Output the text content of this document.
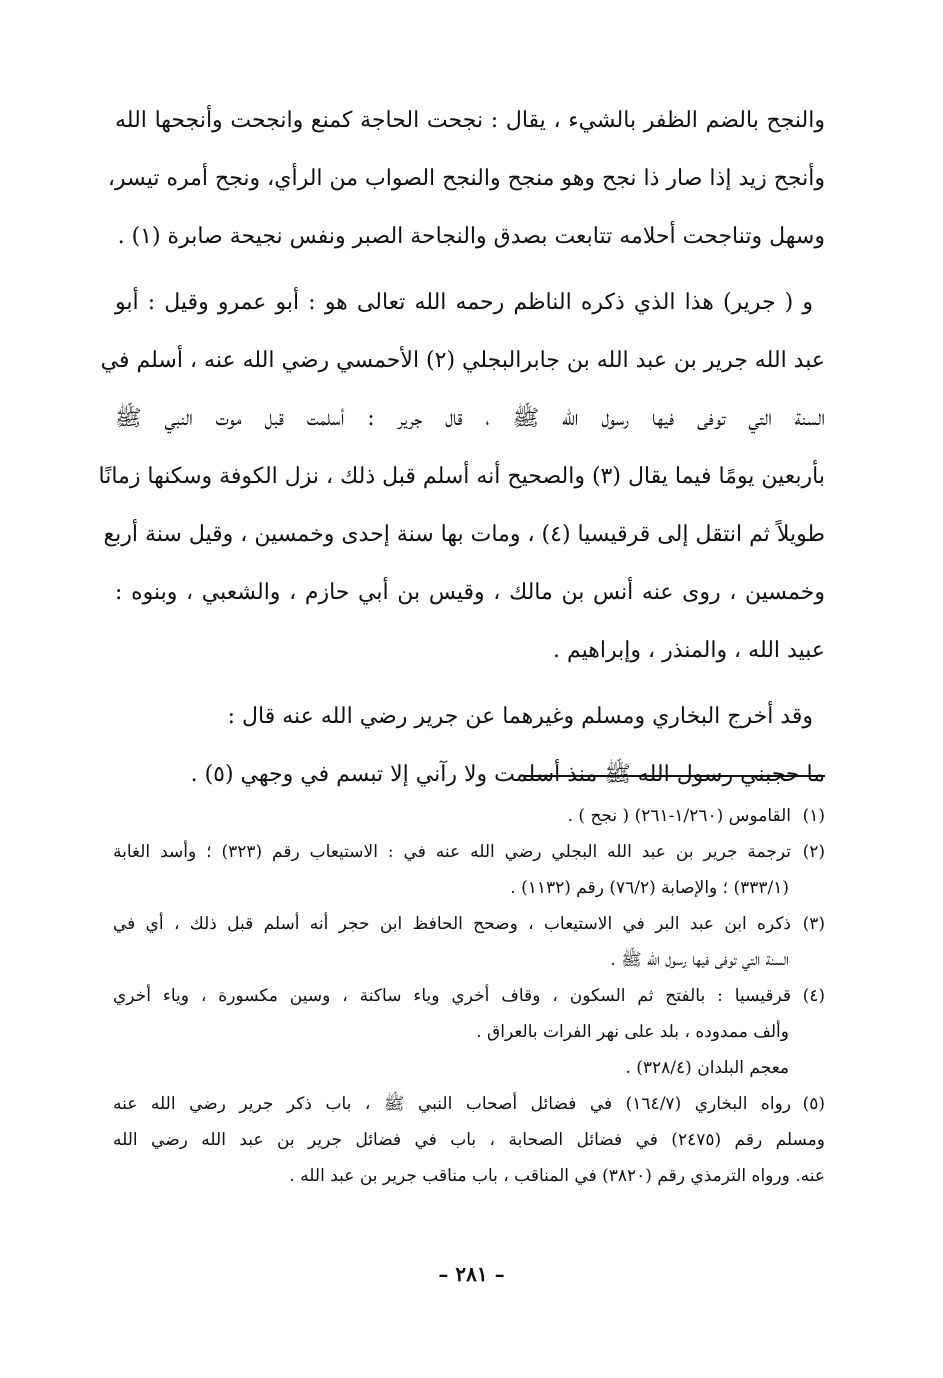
والنجح بالضم الظفر بالشيء ، يقال : نجحت الحاجة كمنع وانجحت وأنجحها الله
وأنجح زيد إذا صار ذا نجح وهو منجح والنجح الصواب من الرأي، ونجح أمره تيسر،
وسهل وتناجحت أحلامه تتابعت بصدق والنجاحة الصبر ونفس نجيحة صابرة (١) .
و ( جرير) هذا الذي ذكره الناظم رحمه الله تعالى هو : أبو عمرو وقيل : أبو
عبد الله جرير بن عبد الله بن جابرالبجلي (٢) الأحمسي رضي الله عنه ، أسلم في
السنة التي توفى فيها رسول الله ﷺ ، قال جرير : أسلمت قبل موت النبي ﷺ
بأربعين يومًا فيما يقال (٣) والصحيح أنه أسلم قبل ذلك ، نزل الكوفة وسكنها زمانًا
طويلاً ثم انتقل إلى قرقيسيا (٤) ، ومات بها سنة إحدى وخمسين ، وقيل سنة أربع
وخمسين ، روى عنه أنس بن مالك ، وقيس بن أبي حازم ، والشعبي ، وبنوه :
عبيد الله ، والمنذر ، وإبراهيم .
وقد أخرج البخاري ومسلم وغيرهما عن جرير رضي الله عنه قال :
ما حجبني رسول الله ﷺ منذ أسلمت ولا رآني إلا تبسم في وجهي (٥) .
(١)القاموس (١/٢٦٠-٢٦١) ( نجح ) .
(٢)ترجمة جرير بن عبد الله البجلي رضي الله عنه في : الاستيعاب رقم (٣٢٣) ؛ وأسد الغابة
(٣٣٣/١) ؛ والإصابة (٧٦/٢) رقم (١١٣٢) .
(٣)ذكره ابن عبد البر في الاستيعاب ، وصحح الحافظ ابن حجر أنه أسلم قبل ذلك ، أي في
السنة التي توفى فيها رسول الله ﷺ .
(٤)قرقيسيا : بالفتح ثم السكون ، وقاف أخري وياء ساكنة ، وسين مكسورة ، وياء أخري
وألف ممدوده ، بلد على نهر الفرات بالعراق .
معجم البلدان (٣٢٨/٤) .
(٥)رواه البخاري (١٦٤/٧) في فضائل أصحاب النبي ﷺ ، باب ذكر جرير رضي الله عنه
ومسلم رقم (٢٤٧٥) في فضائل الصحابة ، باب في فضائل جرير بن عبد الله رضي الله
عنه. ورواه الترمذي رقم (٣٨٢٠) في المناقب ، باب مناقب جرير بن عبد الله .
– ٢٨١ –
